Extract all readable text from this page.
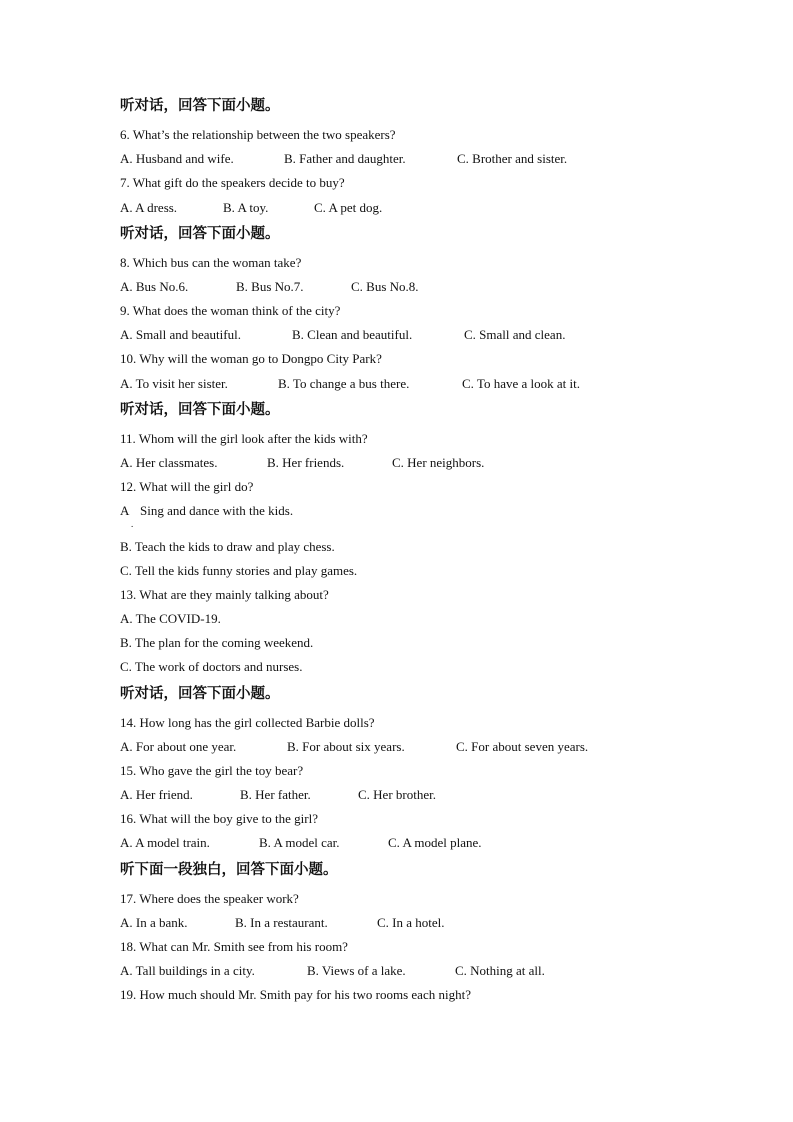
听对话，回答下面小题。
6. What’s the relationship between the two speakers?
A. Husband and wife.	B. Father and daughter.	C. Brother and sister.
7. What gift do the speakers decide to buy?
A. A dress.	B. A toy.	C. A pet dog.
听对话，回答下面小题。
8. Which bus can the woman take?
A. Bus No.6.	B. Bus No.7.	C. Bus No.8.
9. What does the woman think of the city?
A. Small and beautiful.	B. Clean and beautiful.	C. Small and clean.
10. Why will the woman go to Dongpo City Park?
A. To visit her sister.	B. To change a bus there.	C. To have a look at it.
听对话，回答下面小题。
11. Whom will the girl look after the kids with?
A. Her classmates.	B. Her friends.	C. Her neighbors.
12. What will the girl do?
A Sing and dance with the kids.
.
B. Teach the kids to draw and play chess.
C. Tell the kids funny stories and play games.
13. What are they mainly talking about?
A. The COVID-19.
B. The plan for the coming weekend.
C. The work of doctors and nurses.
听对话，回答下面小题。
14. How long has the girl collected Barbie dolls?
A. For about one year.	B. For about six years.	C. For about seven years.
15. Who gave the girl the toy bear?
A. Her friend.	B. Her father.	C. Her brother.
16. What will the boy give to the girl?
A. A model train.	B. A model car.	C. A model plane.
听下面一段独白，回答下面小题。
17. Where does the speaker work?
A. In a bank.	B. In a restaurant.	C. In a hotel.
18. What can Mr. Smith see from his room?
A. Tall buildings in a city.	B. Views of a lake.	C. Nothing at all.
19. How much should Mr. Smith pay for his two rooms each night?
